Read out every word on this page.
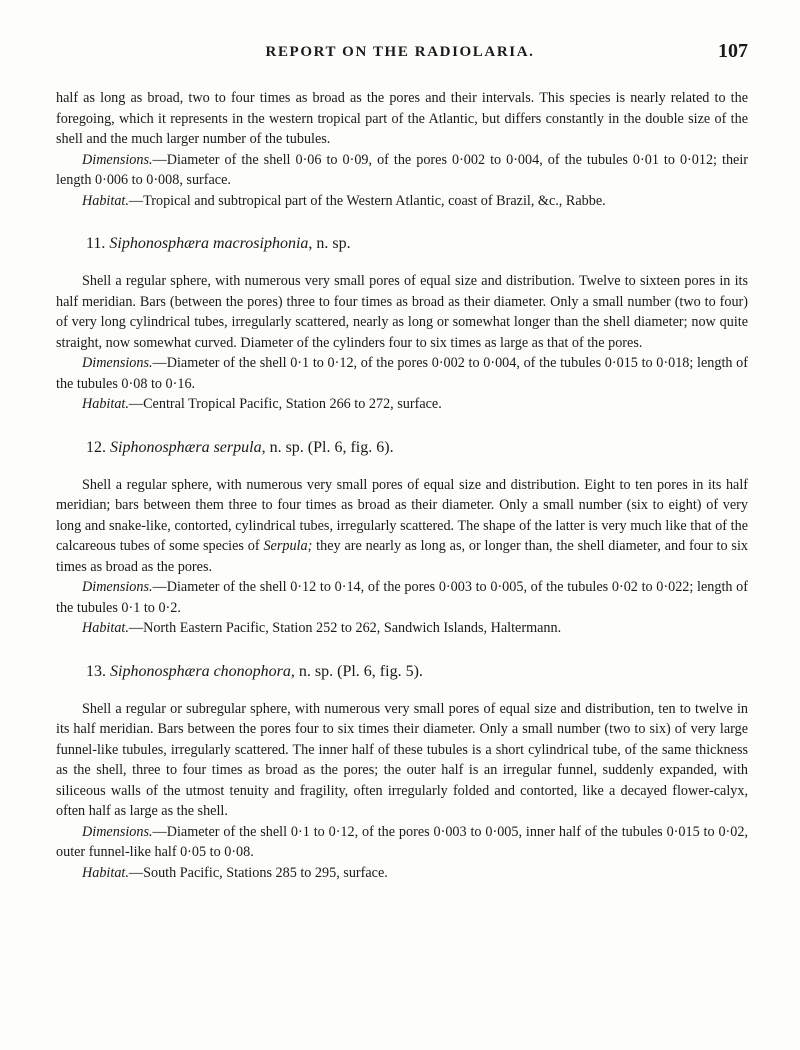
REPORT ON THE RADIOLARIA.	107

half as long as broad, two to four times as broad as the pores and their intervals. This species is nearly related to the foregoing, which it represents in the western tropical part of the Atlantic, but differs constantly in the double size of the shell and the much larger number of the tubules.

Dimensions.—Diameter of the shell 0·06 to 0·09, of the pores 0·002 to 0·004, of the tubules 0·01 to 0·012; their length 0·006 to 0·008, surface.

Habitat.—Tropical and subtropical part of the Western Atlantic, coast of Brazil, &c., Rabbe.

11. Siphonosphæra macrosiphonia, n. sp.

Shell a regular sphere, with numerous very small pores of equal size and distribution. Twelve to sixteen pores in its half meridian. Bars (between the pores) three to four times as broad as their diameter. Only a small number (two to four) of very long cylindrical tubes, irregularly scattered, nearly as long or somewhat longer than the shell diameter; now quite straight, now somewhat curved. Diameter of the cylinders four to six times as large as that of the pores.

Dimensions.—Diameter of the shell 0·1 to 0·12, of the pores 0·002 to 0·004, of the tubules 0·015 to 0·018; length of the tubules 0·08 to 0·16.

Habitat.—Central Tropical Pacific, Station 266 to 272, surface.

12. Siphonosphæra serpula, n. sp. (Pl. 6, fig. 6).

Shell a regular sphere, with numerous very small pores of equal size and distribution. Eight to ten pores in its half meridian; bars between them three to four times as broad as their diameter. Only a small number (six to eight) of very long and snake-like, contorted, cylindrical tubes, irregularly scattered. The shape of the latter is very much like that of the calcareous tubes of some species of Serpula; they are nearly as long as, or longer than, the shell diameter, and four to six times as broad as the pores.

Dimensions.—Diameter of the shell 0·12 to 0·14, of the pores 0·003 to 0·005, of the tubules 0·02 to 0·022; length of the tubules 0·1 to 0·2.

Habitat.—North Eastern Pacific, Station 252 to 262, Sandwich Islands, Haltermann.

13. Siphonosphæra chonophora, n. sp. (Pl. 6, fig. 5).

Shell a regular or subregular sphere, with numerous very small pores of equal size and distribution, ten to twelve in its half meridian. Bars between the pores four to six times their diameter. Only a small number (two to six) of very large funnel-like tubules, irregularly scattered. The inner half of these tubules is a short cylindrical tube, of the same thickness as the shell, three to four times as broad as the pores; the outer half is an irregular funnel, suddenly expanded, with siliceous walls of the utmost tenuity and fragility, often irregularly folded and contorted, like a decayed flower-calyx, often half as large as the shell.

Dimensions.—Diameter of the shell 0·1 to 0·12, of the pores 0·003 to 0·005, inner half of the tubules 0·015 to 0·02, outer funnel-like half 0·05 to 0·08.

Habitat.—South Pacific, Stations 285 to 295, surface.
